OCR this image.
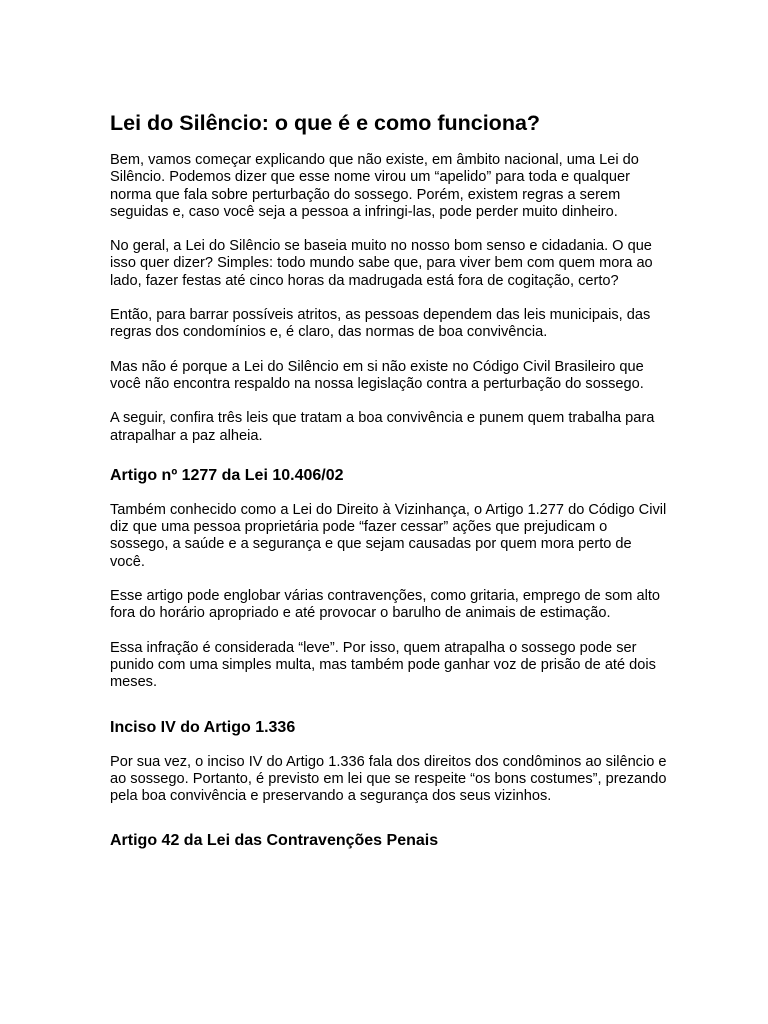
Lei do Silêncio: o que é e como funciona?

Bem, vamos começar explicando que não existe, em âmbito nacional, uma Lei do Silêncio. Podemos dizer que esse nome virou um “apelido” para toda e qualquer norma que fala sobre perturbação do sossego. Porém, existem regras a serem seguidas e, caso você seja a pessoa a infringi-las, pode perder muito dinheiro.

No geral, a Lei do Silêncio se baseia muito no nosso bom senso e cidadania. O que isso quer dizer? Simples: todo mundo sabe que, para viver bem com quem mora ao lado, fazer festas até cinco horas da madrugada está fora de cogitação, certo?

Então, para barrar possíveis atritos, as pessoas dependem das leis municipais, das regras dos condomínios e, é claro, das normas de boa convivência.

Mas não é porque a Lei do Silêncio em si não existe no Código Civil Brasileiro que você não encontra respaldo na nossa legislação contra a perturbação do sossego.

A seguir, confira três leis que tratam a boa convivência e punem quem trabalha para atrapalhar a paz alheia.

Artigo nº 1277 da Lei 10.406/02

Também conhecido como a Lei do Direito à Vizinhança, o Artigo 1.277 do Código Civil diz que uma pessoa proprietária pode “fazer cessar” ações que prejudicam o sossego, a saúde e a segurança e que sejam causadas por quem mora perto de você.

Esse artigo pode englobar várias contravenções, como gritaria, emprego de som alto fora do horário apropriado e até provocar o barulho de animais de estimação.

Essa infração é considerada “leve”. Por isso, quem atrapalha o sossego pode ser punido com uma simples multa, mas também pode ganhar voz de prisão de até dois meses.

Inciso IV do Artigo 1.336

Por sua vez, o inciso IV do Artigo 1.336 fala dos direitos dos condôminos ao silêncio e ao sossego. Portanto, é previsto em lei que se respeite “os bons costumes”, prezando pela boa convivência e preservando a segurança dos seus vizinhos.

Artigo 42 da Lei das Contravenções Penais
